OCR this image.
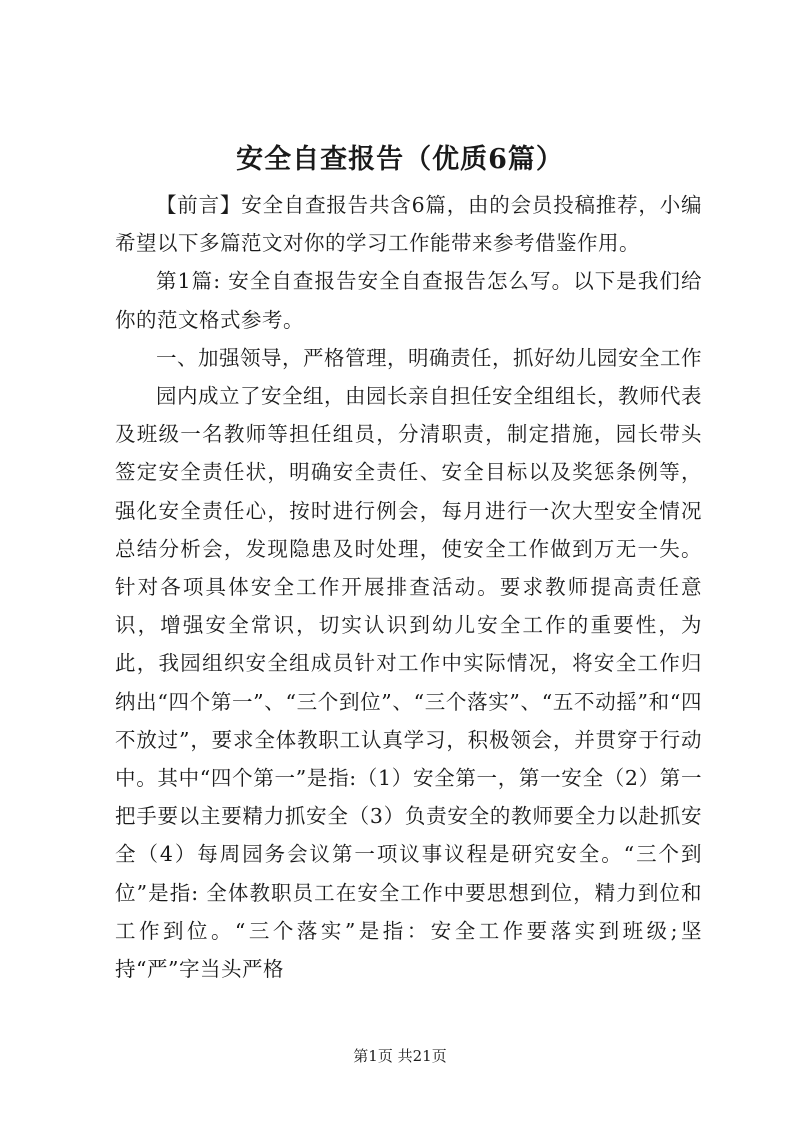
安全自查报告（优质6篇）

【前言】安全自查报告共含6篇，由的会员投稿推荐，小编希望以下多篇范文对你的学习工作能带来参考借鉴作用。

第1篇: 安全自查报告安全自查报告怎么写。以下是我们给你的范文格式参考。

一、加强领导，严格管理，明确责任，抓好幼儿园安全工作

园内成立了安全组，由园长亲自担任安全组组长，教师代表及班级一名教师等担任组员，分清职责，制定措施，园长带头签定安全责任状，明确安全责任、安全目标以及奖惩条例等，强化安全责任心，按时进行例会，每月进行一次大型安全情况总结分析会，发现隐患及时处理，使安全工作做到万无一失。针对各项具体安全工作开展排查活动。要求教师提高责任意识，增强安全常识，切实认识到幼儿安全工作的重要性，为此，我园组织安全组成员针对工作中实际情况，将安全工作归纳出“四个第一”、“三个到位”、“三个落实”、“五不动摇”和“四不放过”，要求全体教职工认真学习，积极领会，并贯穿于行动中。其中“四个第一”是指:（1）安全第一，第一安全（2）第一把手要以主要精力抓安全（3）负责安全的教师要全力以赴抓安全（4）每周园务会议第一项议事议程是研究安全。“三个到位”是指: 全体教职员工在安全工作中要思想到位，精力到位和工作到位。“三个落实”是指：安全工作要落实到班级;坚持“严”字当头严格

第1页 共21页
